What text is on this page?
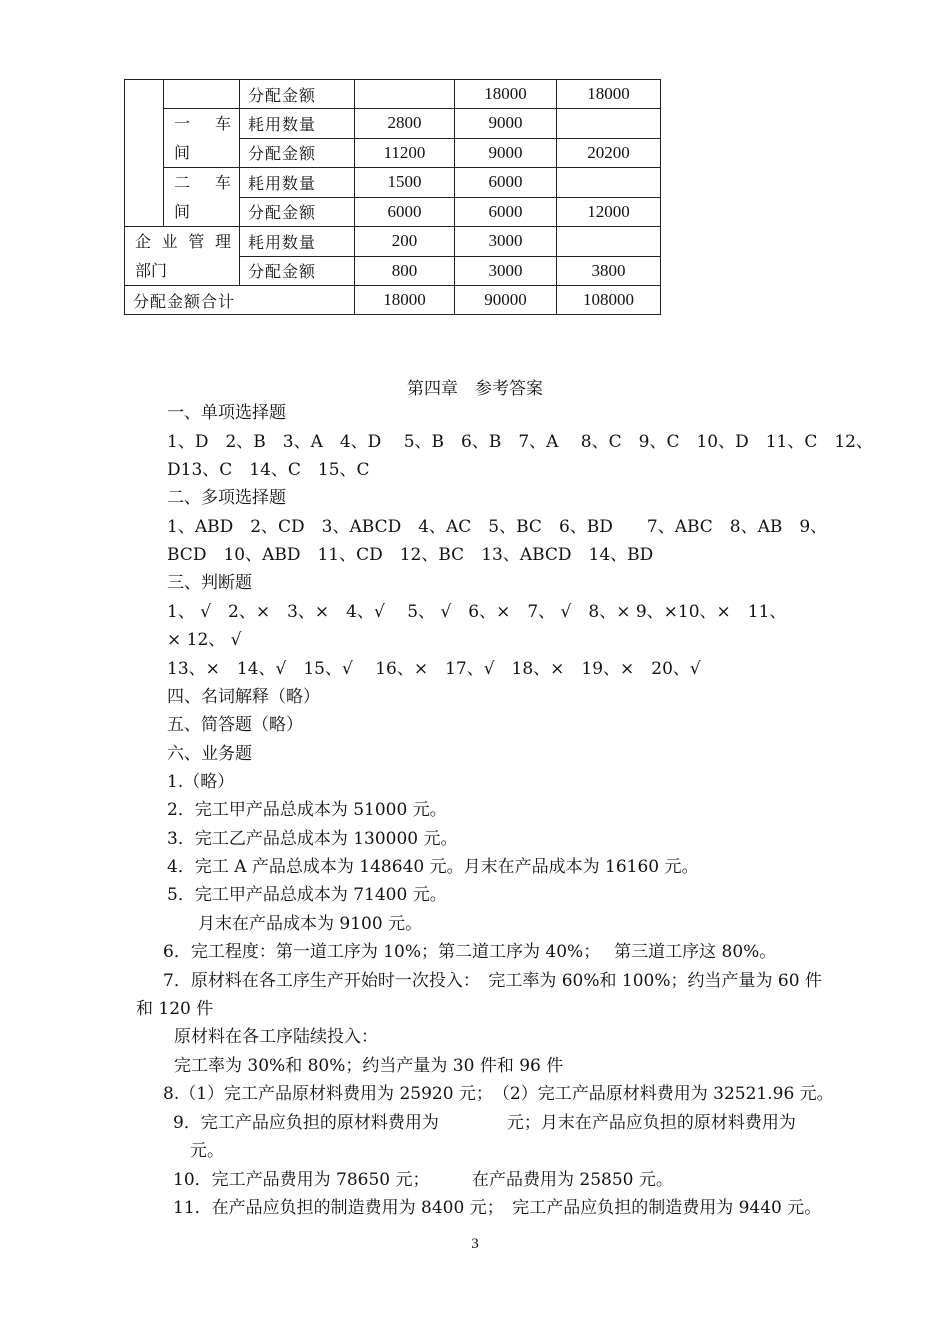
		分配金额		18000	18000

	一　车
间	耗用数量	2800	9000	
		分配金额	11200	9000	20200

	二　车
间	耗用数量	1500	6000	
		分配金额	6000	6000	12000

企业管理
部门		耗用数量	200	3000	
		分配金额	800	3000	3800
分配金额合计			18000	90000	108000
第四章　参考答案
一、单项选择题
1、D　2、B　3、A　4、D　 5、B　6、B　7、A　 8、C　9、C　10、D　11、C　12、
D13、C　14、C　15、C
二、多项选择题
1、ABD　2、CD　3、ABCD　4、AC　5、BC　6、BD　　7、ABC　8、AB　9、
BCD　10、ABD　11、CD　12、BC　13、ABCD　14、BD
三、判断题
1、 √　2、×　3、×　4、√　 5、 √　6、×　7、 √　8、× 9、×10、×　11、
× 12、 √
13、×　14、√　15、√　 16、×　17、√　18、×　19、×　20、√
四、名词解释（略）
五、简答题（略）
六、业务题
1.（略）
2．完工甲产品总成本为 51000 元。
3．完工乙产品总成本为 130000 元。
4．完工 A 产品总成本为 148640 元。月末在产品成本为 16160 元。
5．完工甲产品总成本为 71400 元。
月末在产品成本为 9100 元。
6．完工程度：第一道工序为 10%；第二道工序为 40%；　 第三道工序这 80%。
7．原材料在各工序生产开始时一次投入：　完工率为 60%和 100%；约当产量为 60 件
和 120 件
原材料在各工序陆续投入：
完工率为 30%和 80%；约当产量为 30 件和 96 件
8.（1）完工产品原材料费用为 25920 元；　（2）完工产品原材料费用为 32521.96 元。
9．完工产品应负担的原材料费用为　　　　元；月末在产品应负担的原材料费用为
元。
10．完工产品费用为 78650 元；　　　在产品费用为 25850 元。
11．在产品应负担的制造费用为 8400 元；　完工产品应负担的制造费用为 9440 元。
3
